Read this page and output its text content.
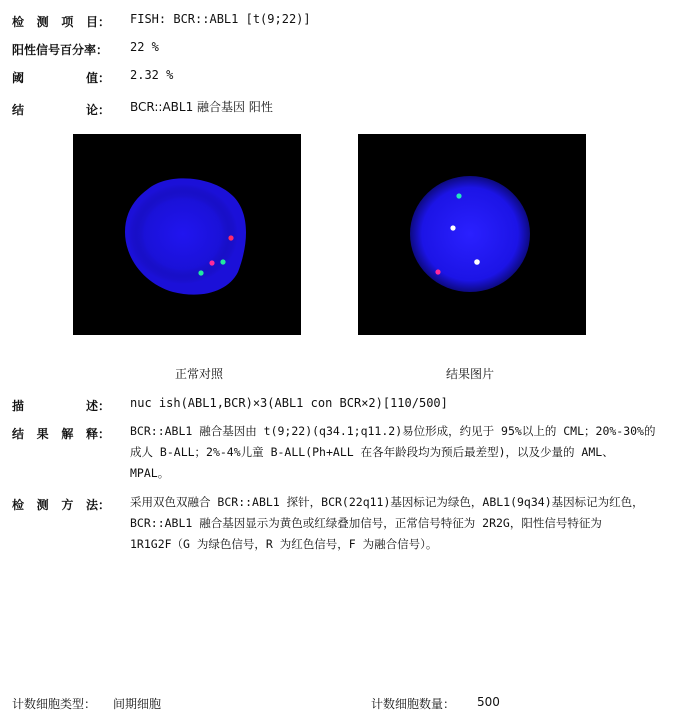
检 测 项 目： FISH: BCR::ABL1 [t(9;22)]
阳性信号百分率： 22 %
阈	值： 2.32 %
结	论： BCR::ABL1 融合基因 阳性
正常对照	结果图片
描	述： nuc ish(ABL1,BCR)×3(ABL1 con BCR×2)[110/500]
结 果 解 释： BCR::ABL1 融合基因由 t(9;22)(q34.1;q11.2)易位形成，约见于 95%以上的 CML；20%-30%的
成人 B-ALL；2%-4%儿童 B-ALL(Ph+ALL 在各年龄段均为预后最差型)，以及少量的 AML、
MPAL。
检 测 方 法： 采用双色双融合 BCR::ABL1 探针，BCR(22q11)基因标记为绿色，ABL1(9q34)基因标记为红色，
BCR::ABL1 融合基因显示为黄色或红绿叠加信号，正常信号特征为 2R2G，阳性信号特征为
1R1G2F（G 为绿色信号，R 为红色信号，F 为融合信号）。
计数细胞类型： 间期细胞	计数细胞数量： 500
